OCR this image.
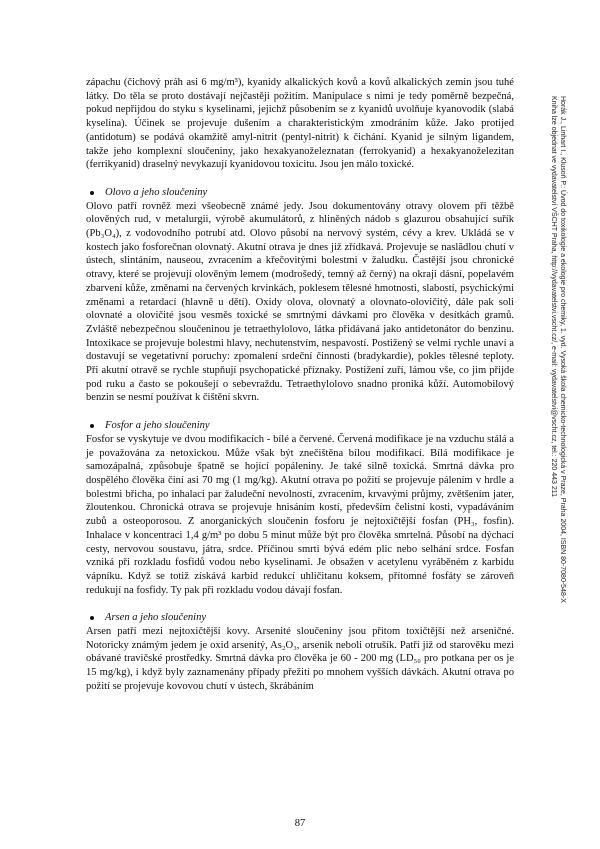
zápachu (čichový práh asi 6 mg/m³), kyanidy alkalických kovů a kovů alkalických zemin jsou tuhé látky. Do těla se proto dostávají nejčastěji požitím. Manipulace s nimi je tedy poměrně bezpečná, pokud nepřijdou do styku s kyselinami, jejichž působením se z kyanidů uvolňuje kyanovodík (slabá kyselina). Účinek se projevuje dušením a charakteristickým zmodráním kůže. Jako protijed (antidotum) se podává okamžitě amyl-nitrit (pentyl-nitrit) k čichání. Kyanid je silným ligandem, takže jeho komplexní sloučeniny, jako hexakyanoželeznatan (ferrokyanid) a hexakyanoželezitan (ferrikyanid) draselný nevykazují kyanidovou toxicitu. Jsou jen málo toxické.

Olovo a jeho sloučeniny

Olovo patří rovněž mezi všeobecně známé jedy. Jsou dokumentovány otravy olovem při těžbě olověných rud, v metalurgii, výrobě akumulátorů, z hliněných nádob s glazurou obsahující suřík (Pb₃O₄), z vodovodního potrubí atd. Olovo působí na nervový systém, cévy a krev. Ukládá se v kostech jako fosforečnan olovnatý. Akutní otrava je dnes již zřídkavá. Projevuje se naslădlou chutí v ústech, slintáním, nauseou, zvracením a křečovitými bolestmi v žaludku. Častější jsou chronické otravy, které se projevují olověným lemem (modrošedý, temný až černý) na okraji dásní, popelavém zbarvení kůže, změnami na červených krvinkách, poklesem tělesné hmotnosti, slabostí, psychickými změnami a retardací (hlavně u dětí). Oxidy olova, olovnatý a olovnato-olovičitý, dále pak soli olovnaté a olovičité jsou vesměs toxické se smrtnými dávkami pro člověka v desítkách gramů. Zvláště nebezpečnou sloučeninou je tetraethylolovo, látka přidávaná jako antidetonátor do benzinu. Intoxikace se projevuje bolestmi hlavy, nechutenstvím, nespavostí. Postižený se velmi rychle unaví a dostavují se vegetativní poruchy: zpomalení srdeční činnosti (bradykardie), pokles tělesné teploty. Při akutní otravě se rychle stupňují psychopatické příznaky. Postižení zuří, lámou vše, co jim přijde pod ruku a často se pokoušejí o sebevraždu. Tetraethylolovo snadno proniká kůží. Automobilový benzin se nesmí používat k čištění skvrn.

Fosfor a jeho sloučeniny

Fosfor se vyskytuje ve dvou modifikacích - bílé a červené. Červená modifikace je na vzduchu stálá a je považována za netoxickou. Může však být znečištěna bílou modifikací. Bílá modifikace je samozápalná, způsobuje špatně se hojící popáleniny. Je také silně toxická. Smrtná dávka pro dospělého člověka činí asi 70 mg (1 mg/kg). Akutní otrava po požití se projevuje pálením v hrdle a bolestmi břicha, po inhalaci par žaludeční nevolností, zvracením, krvavými průjmy, zvětšením jater, žloutenkou. Chronická otrava se projevuje hnisáním kostí, především čelistní kosti, vypadáváním zubů a osteoporosou. Z anorganických sloučenin fosforu je nejtoxičtější fosfan (PH₃, fosfin). Inhalace v koncentraci 1,4 g/m³ po dobu 5 minut může být pro člověka smrtelná. Působí na dýchací cesty, nervovou soustavu, játra, srdce. Příčinou smrti bývá edém plic nebo selhání srdce. Fosfan vzniká při rozkladu fosfidů vodou nebo kyselinami. Je obsažen v acetylenu vyráběném z karbidu vápníku. Když se totiž získává karbid redukcí uhličitanu koksem, přítomné fosfáty se zároveň redukují na fosfidy. Ty pak při rozkladu vodou dávají fosfan.

Arsen a jeho sloučeniny

Arsen patří mezi nejtoxičtější kovy. Arsenité sloučeniny jsou přitom toxičtější než arseničné. Notoricky známým jedem je oxid arsenitý, As₂O₃, arsenik neboli otrušík. Patří již od starověku mezi obávané travičské prostředky. Smrtná dávka pro člověka je 60 - 200 mg (LD₅₀ pro potkana per os je 15 mg/kg), i když byly zaznamenány případy přežití po mnohem vyšších dávkách. Akutní otrava po požití se projevuje kovovou chutí v ústech, škrábáním

87
Horák J., Linhart I., Klusoň P.: Úvod do toxikologie a ekologie pro chemiky, 1. vyd. Vysoká škola chemicko-technologická v Praze, Praha 2004, ISBN 80-7080-548-X
Kniha lze objednat ve vydavatelství VŠCHT Praha, http://vydavatelstvi.vscht.cz/, e-mail: vydavatelstvi@vscht.cz, tel.: 220 443 211
